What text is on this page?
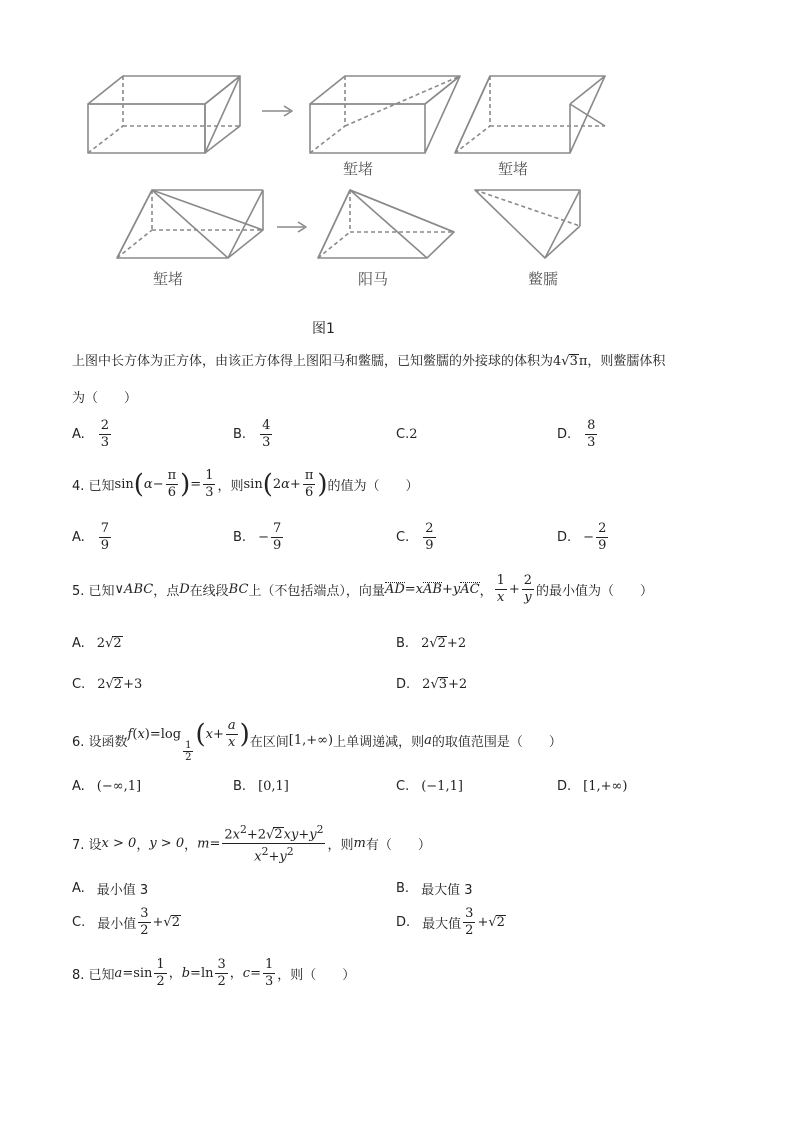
堑堵	堑堵
堑堵	阳马	鳖臑
图1
上图中长方体为正方体，由该正方体得上图阳马和鳖臑，已知鳖臑的外接球的体积为4√3π，则鳖臑体积
为（　　）
A. $\frac{2}{3}$	B. $\frac{4}{3}$	C. 2	D. $\frac{8}{3}$
4. 已知 $\sin(\alpha- \frac{\pi}{6}$ )= $\frac{1}{3}$ ，则 $\sin(2\alpha+ \frac{\pi}{6}$ ) 的值为（　　）
A. $\frac{7}{9}$	B. − $\frac{7}{9}$	C. $\frac{2}{9}$	D. − $\frac{2}{9}$
5. 已知 ∨ABC ，点 D 在线段 BC 上（不包括端点），向量 AD=xAB+yAC ， $\frac{1}{x} + \frac{2}{y}$ 的最小值为（　　）
A. 2√2	B. 2√2+2
C. 2√2+3	D. 2√3+2
6. 设函数
f(x)=log
$\frac{1}{2}$
($x+ \frac{a}{x}$ ) 在区间 [1,+∞) 上单调递减，则 a 的取值范围是（　　）
A. (−∞,1]	B. [0,1]	C. (−1,1]	D. [1,+∞)
7. 设 x > 0 ， y > 0 ， $m= \frac{2x^2+2√2xy+y^2}{x^2+y^2}$ ，则 m 有（　　）
A. 最小值 3	B. 最大值 3
C. 最小值 $\frac{3}{2} +√2$	D. 最大值 $\frac{3}{2} +√2$
8. 已知 $a=\sin \frac{1}{2}$ ，$b=\ln \frac{3}{2}$ ，$c= \frac{1}{3}$ ，则（　　）
